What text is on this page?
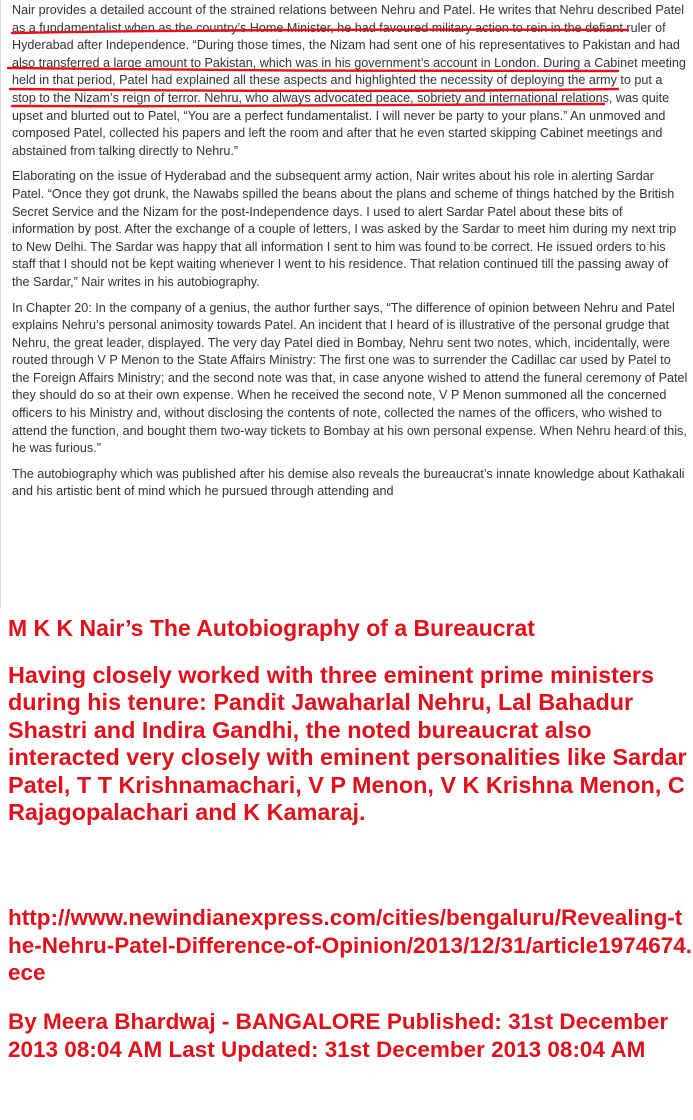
Nair provides a detailed account of the strained relations between Nehru and Patel. He writes that Nehru described Patel as a fundamentalist when as the country’s Home Minister, he had favoured military action to rein in the defiant ruler of Hyderabad after Independence. “During those times, the Nizam had sent one of his representatives to Pakistan and had also transferred a large amount to Pakistan, which was in his government’s account in London. During a Cabinet meeting held in that period, Patel had explained all these aspects and highlighted the necessity of deploying the army to put a stop to the Nizam’s reign of terror. Nehru, who always advocated peace, sobriety and international relations, was quite upset and blurted out to Patel, “You are a perfect fundamentalist. I will never be party to your plans.” An unmoved and composed Patel, collected his papers and left the room and after that he even started skipping Cabinet meetings and abstained from talking directly to Nehru.”

Elaborating on the issue of Hyderabad and the subsequent army action, Nair writes about his role in alerting Sardar Patel. “Once they got drunk, the Nawabs spilled the beans about the plans and scheme of things hatched by the British Secret Service and the Nizam for the post-Independence days. I used to alert Sardar Patel about these bits of information by post. After the exchange of a couple of letters, I was asked by the Sardar to meet him during my next trip to New Delhi. The Sardar was happy that all information I sent to him was found to be correct. He issued orders to his staff that I should not be kept waiting whenever I went to his residence. That relation continued till the passing away of the Sardar,” Nair writes in his autobiography.

In Chapter 20: In the company of a genius, the author further says, “The difference of opinion between Nehru and Patel explains Nehru’s personal animosity towards Patel. An incident that I heard of is illustrative of the personal grudge that Nehru, the great leader, displayed. The very day Patel died in Bombay, Nehru sent two notes, which, incidentally, were routed through V P Menon to the State Affairs Ministry: The first one was to surrender the Cadillac car used by Patel to the Foreign Affairs Ministry; and the second note was that, in case anyone wished to attend the funeral ceremony of Patel they should do so at their own expense. When he received the second note, V P Menon summoned all the concerned officers to his Ministry and, without disclosing the contents of note, collected the names of the officers, who wished to attend the function, and bought them two-way tickets to Bombay at his own personal expense. When Nehru heard of this, he was furious.”

The autobiography which was published after his demise also reveals the bureaucrat’s innate knowledge about Kathakali and his artistic bent of mind which he pursued through attending and

M K K Nair’s The Autobiography of a Bureaucrat

Having closely worked with three eminent prime ministers during his tenure: Pandit Jawaharlal Nehru, Lal Bahadur Shastri and Indira Gandhi, the noted bureaucrat also interacted very closely with eminent personalities like Sardar Patel, T T Krishnamachari, V P Menon, V K Krishna Menon, C Rajagopalachari and K Kamaraj.

http://www.newindianexpress.com/cities/bengaluru/Revealing-the-Nehru-Patel-Difference-of-Opinion/2013/12/31/article1974674.ece

By Meera Bhardwaj - BANGALORE Published: 31st December 2013 08:04 AM Last Updated: 31st December 2013 08:04 AM
